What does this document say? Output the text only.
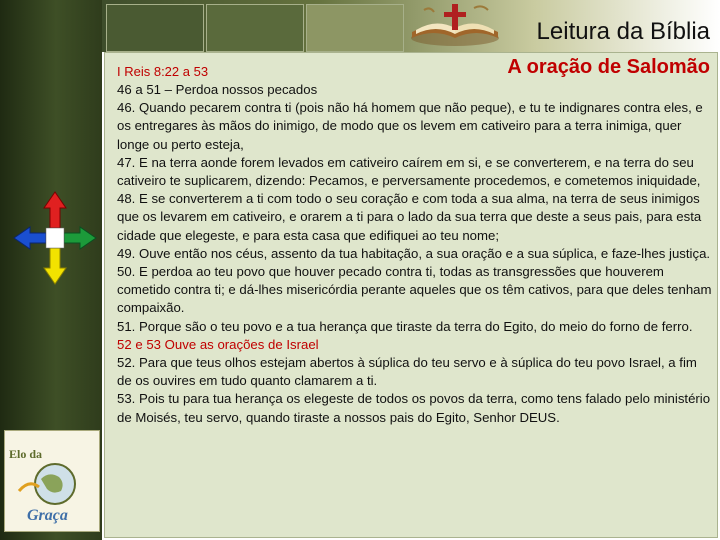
Leitura da Bíblia
A oração de Salomão
I Reis 8:22 a 53

46 a 51 – Perdoa nossos pecados

46. Quando pecarem contra ti (pois não há homem que não peque), e tu te indignares contra eles, e os entregares às mãos do inimigo, de modo que os levem em cativeiro para a terra inimiga, quer longe ou perto esteja,

47. E na terra aonde forem levados em cativeiro caírem em si, e se converterem, e na terra do seu cativeiro te suplicarem, dizendo: Pecamos, e perversamente procedemos, e cometemos iniquidade,

48. E se converterem a ti com todo o seu coração e com toda a sua alma, na terra de seus inimigos que os levarem em cativeiro, e orarem a ti para o lado da sua terra que deste a seus pais, para esta cidade que elegeste, e para esta casa que edifiquei ao teu nome;

49. Ouve então nos céus, assento da tua habitação, a sua oração e a sua súplica, e faze-lhes justiça.

50. E perdoa ao teu povo que houver pecado contra ti, todas as transgressões que houverem cometido contra ti; e dá-lhes misericórdia perante aqueles que os têm cativos, para que deles tenham compaixão.

51. Porque são o teu povo e a tua herança que tiraste da terra do Egito, do meio do forno de ferro.

52 e 53 Ouve as orações de Israel

52. Para que teus olhos estejam abertos à súplica do teu servo e à súplica do teu povo Israel, a fim de os ouvires em tudo quanto clamarem a ti.

53. Pois tu para tua herança os elegeste de todos os povos da terra, como tens falado pelo ministério de Moisés, teu servo, quando tiraste a nossos pais do Egito, Senhor DEUS.

Elo da
Graça
